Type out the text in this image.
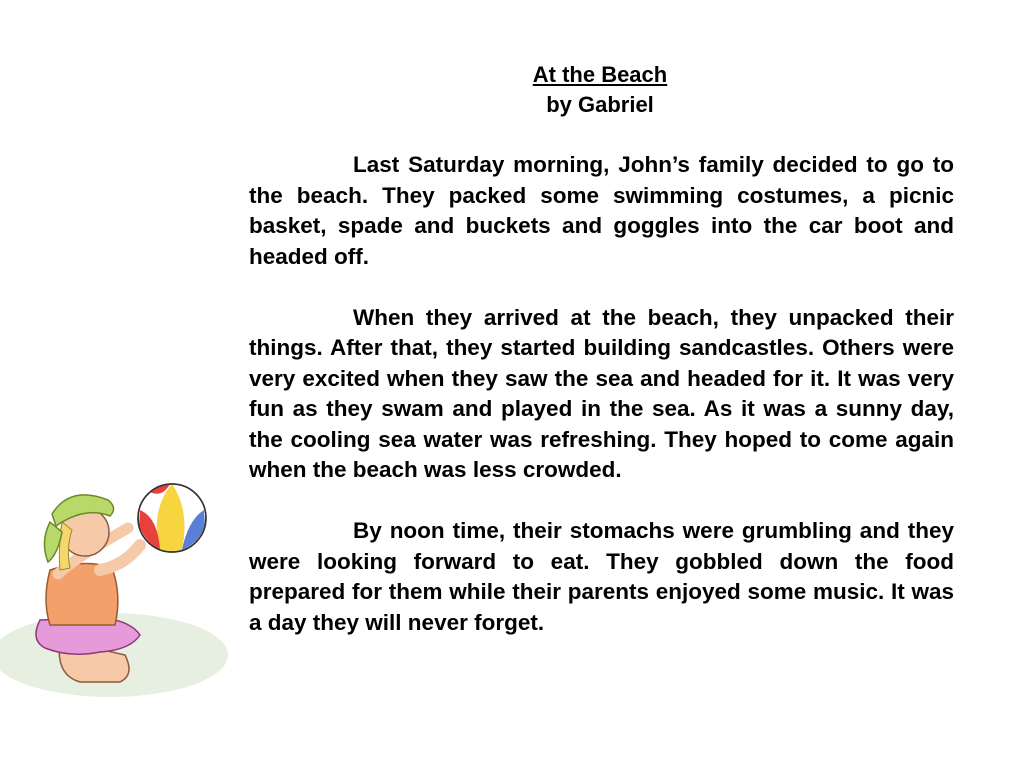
At the Beach
by Gabriel

Last Saturday morning, John’s family decided to go to the beach. They packed some swimming costumes, a picnic basket, spade and buckets and goggles into the car boot and headed off.

When they arrived at the beach, they unpacked their things. After that, they started building sandcastles. Others were very excited when they saw the sea and headed for it. It was very fun as they swam and played in the sea. As it was a sunny day, the cooling sea water was refreshing. They hoped to come again when the beach was less crowded.

By noon time, their stomachs were grumbling and they were looking forward to eat. They gobbled down the food prepared for them while their parents enjoyed some music. It was a day they will never forget.
